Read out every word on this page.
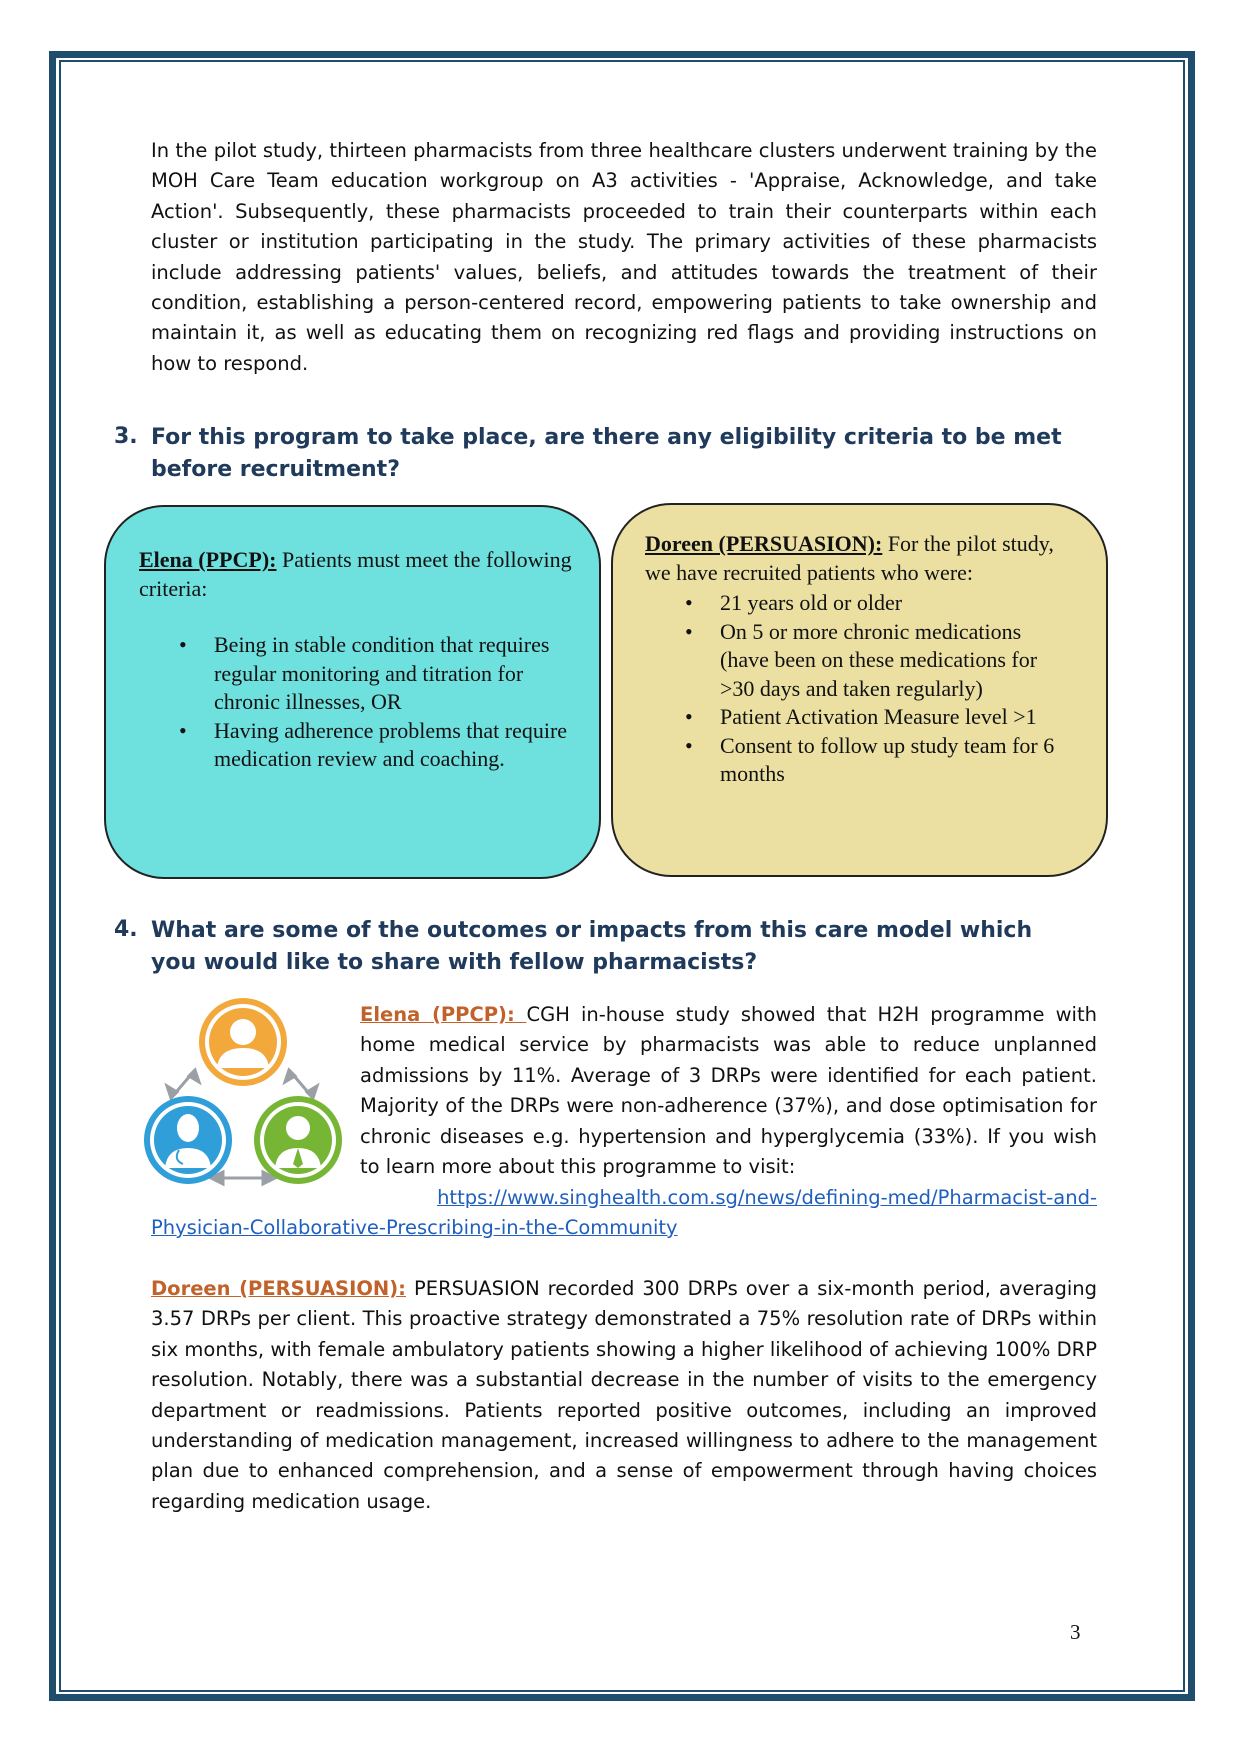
In the pilot study, thirteen pharmacists from three healthcare clusters underwent training by the MOH Care Team education workgroup on A3 activities - 'Appraise, Acknowledge, and take Action'. Subsequently, these pharmacists proceeded to train their counterparts within each cluster or institution participating in the study. The primary activities of these pharmacists include addressing patients' values, beliefs, and attitudes towards the treatment of their condition, establishing a person-centered record, empowering patients to take ownership and maintain it, as well as educating them on recognizing red flags and providing instructions on how to respond.

3. For this program to take place, are there any eligibility criteria to be met before recruitment?
Elena (PPCP): Patients must meet the following criteria:
• Being in stable condition that requires regular monitoring and titration for chronic illnesses, OR
• Having adherence problems that require medication review and coaching.
Doreen (PERSUASION): For the pilot study, we have recruited patients who were:
• 21 years old or older
• On 5 or more chronic medications (have been on these medications for >30 days and taken regularly)
• Patient Activation Measure level >1
• Consent to follow up study team for 6 months
4. What are some of the outcomes or impacts from this care model which you would like to share with fellow pharmacists?
Elena (PPCP): CGH in-house study showed that H2H programme with home medical service by pharmacists was able to reduce unplanned admissions by 11%. Average of 3 DRPs were identified for each patient. Majority of the DRPs were non-adherence (37%), and dose optimisation for chronic diseases e.g. hypertension and hyperglycemia (33%). If you wish to learn more about this programme to visit:
https://www.singhealth.com.sg/news/defining-med/Pharmacist-and-
Physician-Collaborative-Prescribing-in-the-Community
Doreen (PERSUASION): PERSUASION recorded 300 DRPs over a six-month period, averaging 3.57 DRPs per client. This proactive strategy demonstrated a 75% resolution rate of DRPs within six months, with female ambulatory patients showing a higher likelihood of achieving 100% DRP resolution. Notably, there was a substantial decrease in the number of visits to the emergency department or readmissions. Patients reported positive outcomes, including an improved understanding of medication management, increased willingness to adhere to the management plan due to enhanced comprehension, and a sense of empowerment through having choices regarding medication usage.
3
